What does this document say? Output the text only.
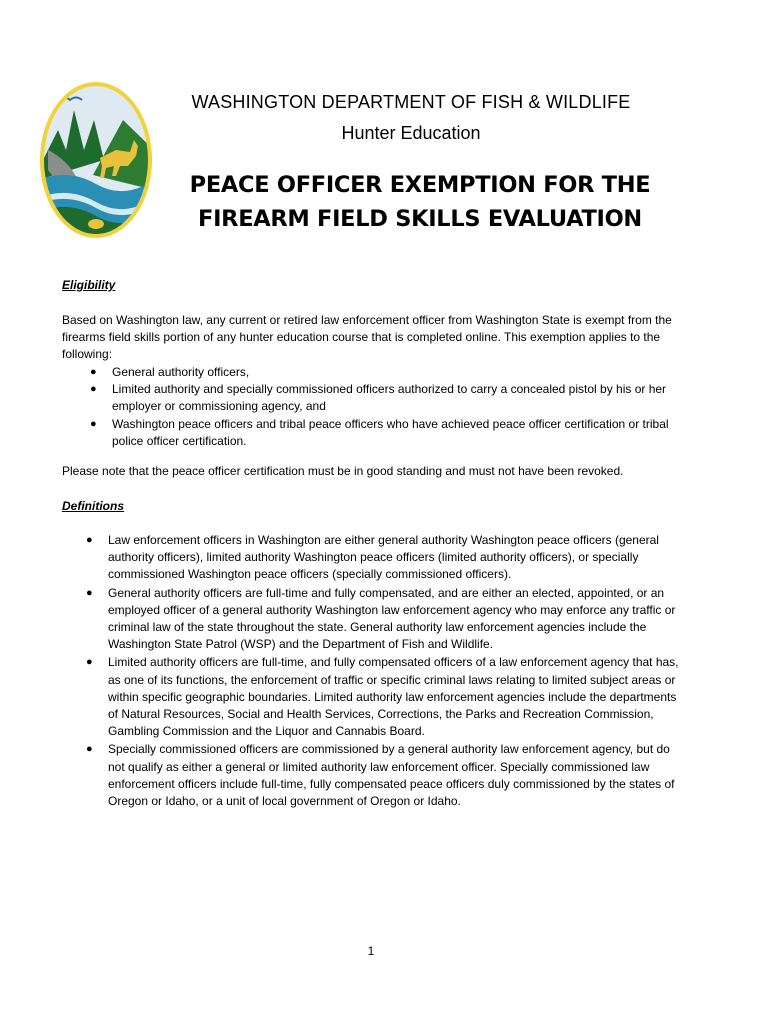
WASHINGTON DEPARTMENT OF FISH & WILDLIFE
Hunter Education
PEACE OFFICER EXEMPTION FOR THE
FIREARM FIELD SKILLS EVALUATION
Eligibility

Based on Washington law, any current or retired law enforcement officer from Washington State is exempt from the firearms field skills portion of any hunter education course that is completed online. This exemption applies to the following:

● General authority officers,
● Limited authority and specially commissioned officers authorized to carry a concealed pistol by his or her employer or commissioning agency, and
● Washington peace officers and tribal peace officers who have achieved peace officer certification or tribal police officer certification.

Please note that the peace officer certification must be in good standing and must not have been revoked.

Definitions
● Law enforcement officers in Washington are either general authority Washington peace officers (general authority officers), limited authority Washington peace officers (limited authority officers), or specially commissioned Washington peace officers (specially commissioned officers).
● General authority officers are full-time and fully compensated, and are either an elected, appointed, or an employed officer of a general authority Washington law enforcement agency who may enforce any traffic or criminal law of the state throughout the state. General authority law enforcement agencies include the Washington State Patrol (WSP) and the Department of Fish and Wildlife.
● Limited authority officers are full-time, and fully compensated officers of a law enforcement agency that has, as one of its functions, the enforcement of traffic or specific criminal laws relating to limited subject areas or within specific geographic boundaries. Limited authority law enforcement agencies include the departments of Natural Resources, Social and Health Services, Corrections, the Parks and Recreation Commission, Gambling Commission and the Liquor and Cannabis Board.
● Specially commissioned officers are commissioned by a general authority law enforcement agency, but do not qualify as either a general or limited authority law enforcement officer. Specially commissioned law enforcement officers include full-time, fully compensated peace officers duly commissioned by the states of Oregon or Idaho, or a unit of local government of Oregon or Idaho.
1
